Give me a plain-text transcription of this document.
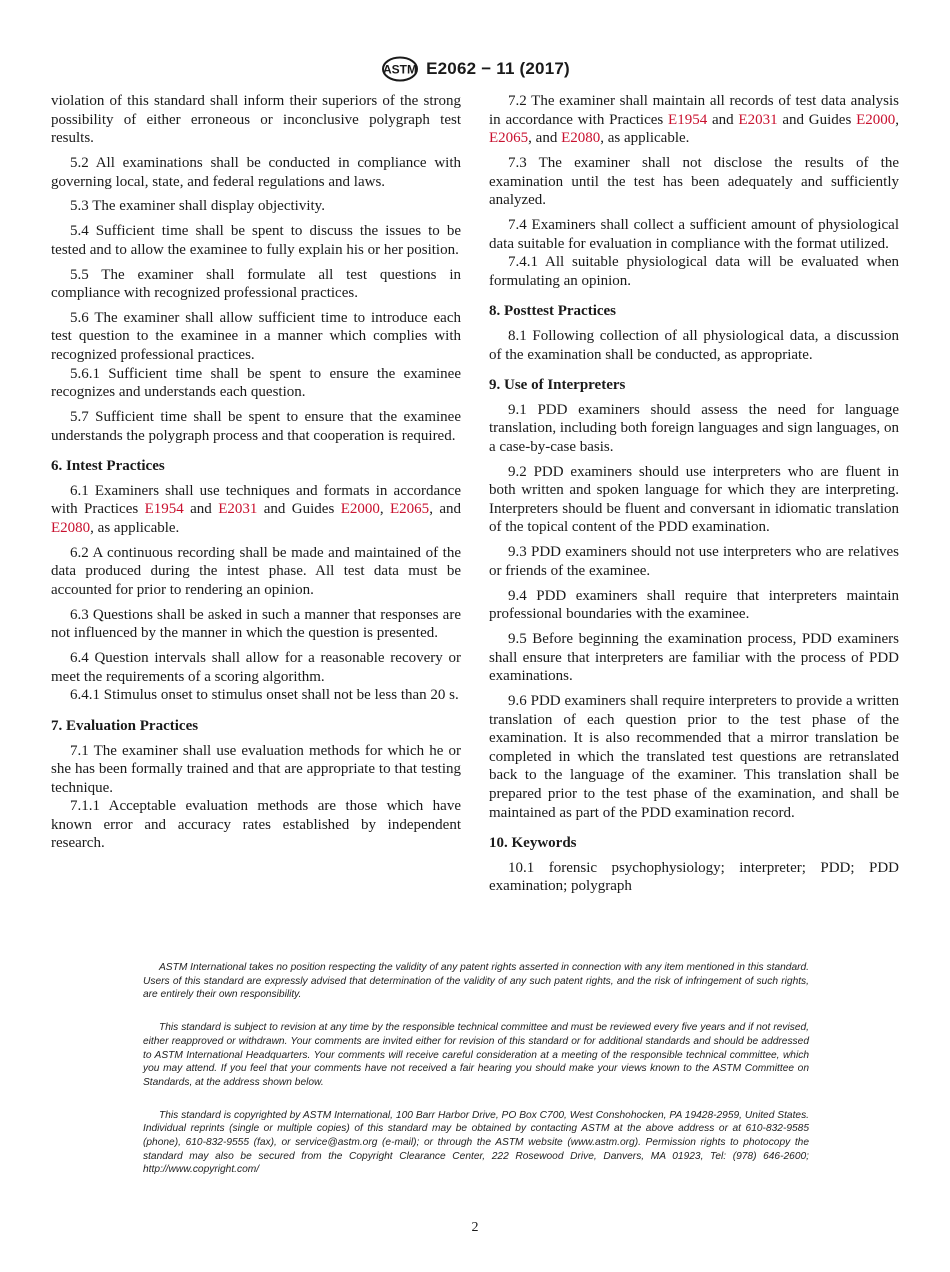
ASTM E2062 − 11 (2017)

violation of this standard shall inform their superiors of the strong possibility of either erroneous or inconclusive polygraph test results.

5.2 All examinations shall be conducted in compliance with governing local, state, and federal regulations and laws.

5.3 The examiner shall display objectivity.

5.4 Sufficient time shall be spent to discuss the issues to be tested and to allow the examinee to fully explain his or her position.

5.5 The examiner shall formulate all test questions in compliance with recognized professional practices.

5.6 The examiner shall allow sufficient time to introduce each test question to the examinee in a manner which complies with recognized professional practices.

5.6.1 Sufficient time shall be spent to ensure the examinee recognizes and understands each question.

5.7 Sufficient time shall be spent to ensure that the examinee understands the polygraph process and that cooperation is required.

6. Intest Practices

6.1 Examiners shall use techniques and formats in accordance with Practices E1954 and E2031 and Guides E2000, E2065, and E2080, as applicable.

6.2 A continuous recording shall be made and maintained of the data produced during the intest phase. All test data must be accounted for prior to rendering an opinion.

6.3 Questions shall be asked in such a manner that responses are not influenced by the manner in which the question is presented.

6.4 Question intervals shall allow for a reasonable recovery or meet the requirements of a scoring algorithm.

6.4.1 Stimulus onset to stimulus onset shall not be less than 20 s.

7. Evaluation Practices

7.1 The examiner shall use evaluation methods for which he or she has been formally trained and that are appropriate to that testing technique.

7.1.1 Acceptable evaluation methods are those which have known error and accuracy rates established by independent research.

7.2 The examiner shall maintain all records of test data analysis in accordance with Practices E1954 and E2031 and Guides E2000, E2065, and E2080, as applicable.

7.3 The examiner shall not disclose the results of the examination until the test has been adequately and sufficiently analyzed.

7.4 Examiners shall collect a sufficient amount of physiological data suitable for evaluation in compliance with the format utilized.

7.4.1 All suitable physiological data will be evaluated when formulating an opinion.

8. Posttest Practices

8.1 Following collection of all physiological data, a discussion of the examination shall be conducted, as appropriate.

9. Use of Interpreters

9.1 PDD examiners should assess the need for language translation, including both foreign languages and sign languages, on a case-by-case basis.

9.2 PDD examiners should use interpreters who are fluent in both written and spoken language for which they are interpreting. Interpreters should be fluent and conversant in idiomatic translation of the topical content of the PDD examination.

9.3 PDD examiners should not use interpreters who are relatives or friends of the examinee.

9.4 PDD examiners shall require that interpreters maintain professional boundaries with the examinee.

9.5 Before beginning the examination process, PDD examiners shall ensure that interpreters are familiar with the process of PDD examinations.

9.6 PDD examiners shall require interpreters to provide a written translation of each question prior to the test phase of the examination. It is also recommended that a mirror translation be completed in which the translated test questions are retranslated back to the language of the examiner. This translation shall be prepared prior to the test phase of the examination, and shall be maintained as part of the PDD examination record.

10. Keywords

10.1 forensic psychophysiology; interpreter; PDD; PDD examination; polygraph

ASTM International takes no position respecting the validity of any patent rights asserted in connection with any item mentioned in this standard. Users of this standard are expressly advised that determination of the validity of any such patent rights, and the risk of infringement of such rights, are entirely their own responsibility.

This standard is subject to revision at any time by the responsible technical committee and must be reviewed every five years and if not revised, either reapproved or withdrawn. Your comments are invited either for revision of this standard or for additional standards and should be addressed to ASTM International Headquarters. Your comments will receive careful consideration at a meeting of the responsible technical committee, which you may attend. If you feel that your comments have not received a fair hearing you should make your views known to the ASTM Committee on Standards, at the address shown below.

This standard is copyrighted by ASTM International, 100 Barr Harbor Drive, PO Box C700, West Conshohocken, PA 19428-2959, United States. Individual reprints (single or multiple copies) of this standard may be obtained by contacting ASTM at the above address or at 610-832-9585 (phone), 610-832-9555 (fax), or service@astm.org (e-mail); or through the ASTM website (www.astm.org). Permission rights to photocopy the standard may also be secured from the Copyright Clearance Center, 222 Rosewood Drive, Danvers, MA 01923, Tel: (978) 646-2600; http://www.copyright.com/

2
